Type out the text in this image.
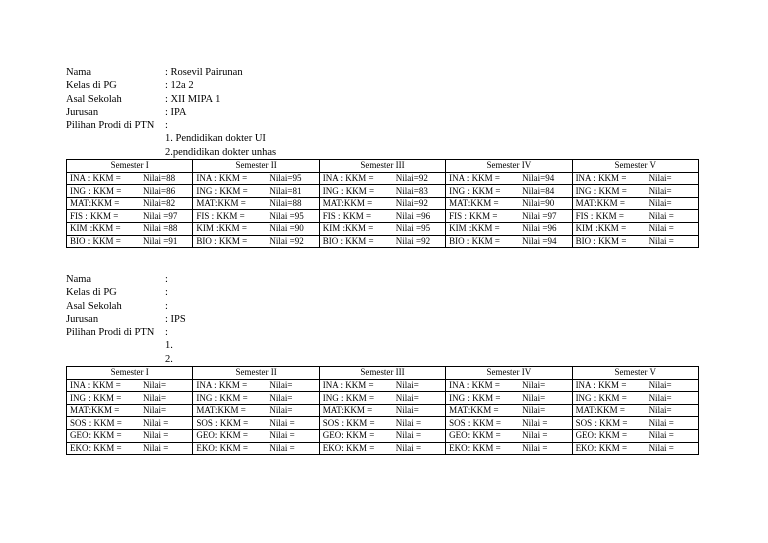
Nama	: Rosevil Pairunan
Kelas di PG	: 12a 2
Asal Sekolah	: XII MIPA 1
Jurusan	: IPA
Pilihan Prodi di PTN	:
1. Pendidikan dokter UI
2.pendidikan dokter unhas
Semester I	Semester II	Semester III	Semester IV	Semester V

INA : KKM = Nilai=88	INA : KKM = Nilai=95	INA : KKM = Nilai=92	INA : KKM = Nilai=94	INA : KKM = Nilai=

ING : KKM = Nilai=86	ING : KKM = Nilai=81	ING : KKM = Nilai=83	ING : KKM = Nilai=84	ING : KKM = Nilai=

MAT:KKM = Nilai=82	MAT:KKM = Nilai=88	MAT:KKM = Nilai=92	MAT:KKM = Nilai=90	MAT:KKM = Nilai=

FIS : KKM = Nilai =97	FIS : KKM = Nilai =95	FIS : KKM = Nilai =96	FIS : KKM = Nilai =97	FIS : KKM = Nilai =

KIM :KKM = Nilai =88	KIM :KKM = Nilai =90	KIM :KKM = Nilai =95	KIM :KKM = Nilai =96	KIM :KKM = Nilai =

BIO : KKM = Nilai =91	BIO : KKM = Nilai =92	BIO : KKM = Nilai =92	BIO : KKM = Nilai =94	BIO : KKM = Nilai =
Nama	:
Kelas di PG	:
Asal Sekolah	:
Jurusan	: IPS
Pilihan Prodi di PTN	:
1.
2.
Semester I	Semester II	Semester III	Semester IV	Semester V

INA : KKM = Nilai=	INA : KKM = Nilai=	INA : KKM = Nilai=	INA : KKM = Nilai=	INA : KKM = Nilai=

ING : KKM = Nilai=	ING : KKM = Nilai=	ING : KKM = Nilai=	ING : KKM = Nilai=	ING : KKM = Nilai=

MAT:KKM = Nilai=	MAT:KKM = Nilai=	MAT:KKM = Nilai=	MAT:KKM = Nilai=	MAT:KKM = Nilai=

SOS : KKM = Nilai =	SOS : KKM = Nilai =	SOS : KKM = Nilai =	SOS : KKM = Nilai =	SOS : KKM = Nilai =

GEO: KKM = Nilai =	GEO: KKM = Nilai =	GEO: KKM = Nilai =	GEO: KKM = Nilai =	GEO: KKM = Nilai =

EKO: KKM = Nilai =	EKO: KKM = Nilai =	EKO: KKM = Nilai =	EKO: KKM = Nilai =	EKO: KKM = Nilai =
